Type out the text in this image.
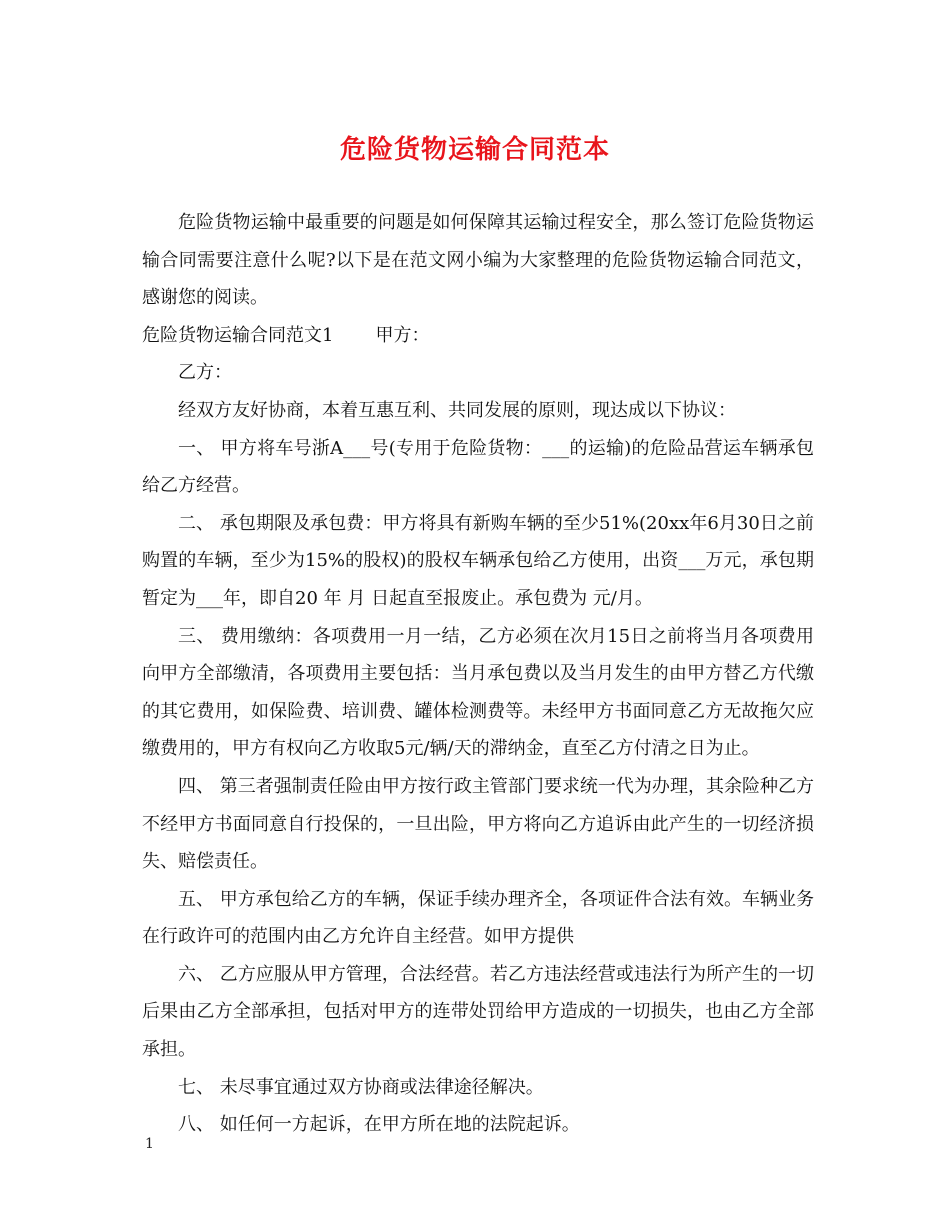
危险货物运输合同范本

危险货物运输中最重要的问题是如何保障其运输过程安全，那么签订危险货物运输合同需要注意什么呢?以下是在范文网小编为大家整理的危险货物运输合同范文，感谢您的阅读。

危险货物运输合同范文1 甲方：

乙方：

经双方友好协商，本着互惠互利、共同发展的原则，现达成以下协议：

一、 甲方将车号浙A___号(专用于危险货物：___的运输)的危险品营运车辆承包给乙方经营。

二、 承包期限及承包费：甲方将具有新购车辆的至少51%(20xx年6月30日之前购置的车辆，至少为15%的股权)的股权车辆承包给乙方使用，出资___万元，承包期暂定为___年，即自20 年 月 日起直至报废止。承包费为 元/月。

三、 费用缴纳：各项费用一月一结，乙方必须在次月15日之前将当月各项费用向甲方全部缴清，各项费用主要包括：当月承包费以及当月发生的由甲方替乙方代缴的其它费用，如保险费、培训费、罐体检测费等。未经甲方书面同意乙方无故拖欠应缴费用的，甲方有权向乙方收取5元/辆/天的滞纳金，直至乙方付清之日为止。

四、 第三者强制责任险由甲方按行政主管部门要求统一代为办理，其余险种乙方不经甲方书面同意自行投保的，一旦出险，甲方将向乙方追诉由此产生的一切经济损失、赔偿责任。

五、 甲方承包给乙方的车辆，保证手续办理齐全，各项证件合法有效。车辆业务在行政许可的范围内由乙方允许自主经营。如甲方提供

六、 乙方应服从甲方管理，合法经营。若乙方违法经营或违法行为所产生的一切后果由乙方全部承担，包括对甲方的连带处罚给甲方造成的一切损失，也由乙方全部承担。

七、 未尽事宜通过双方协商或法律途径解决。

八、 如任何一方起诉，在甲方所在地的法院起诉。

1
